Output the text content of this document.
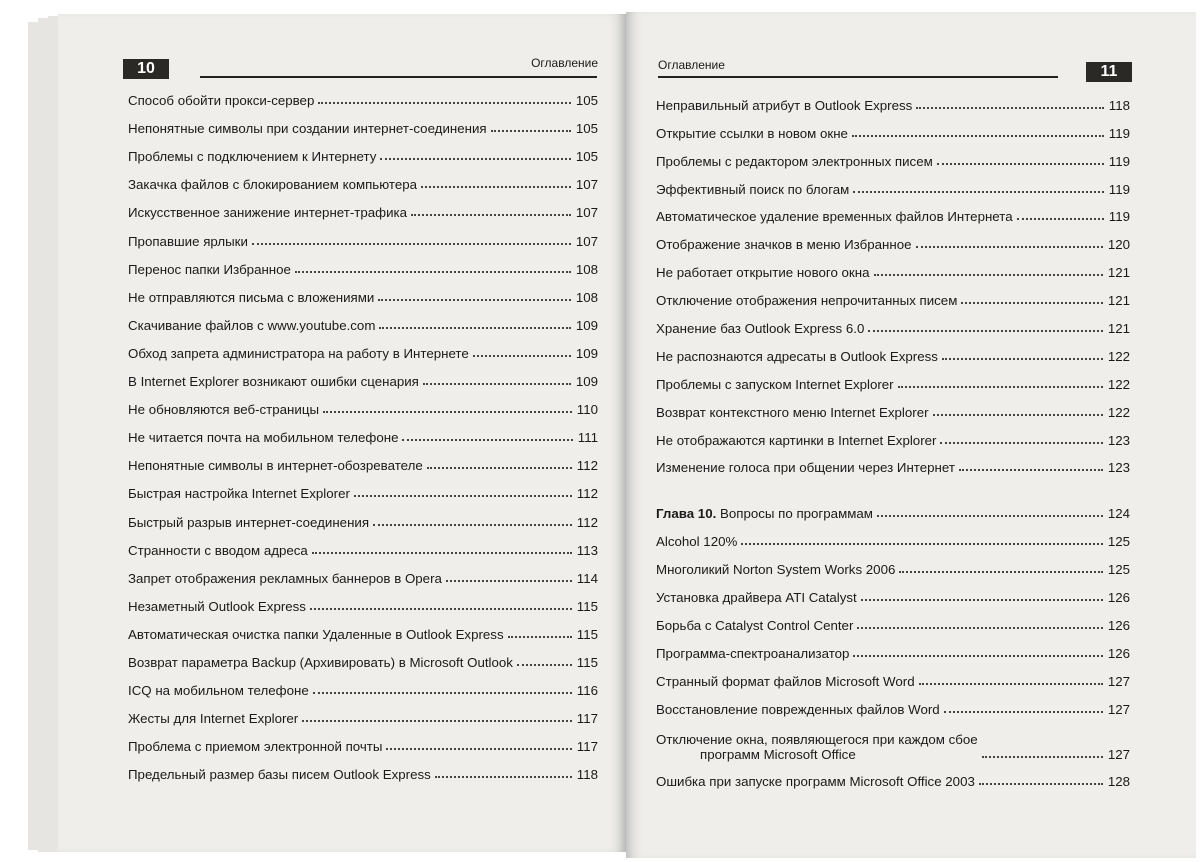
10	Оглавление
Способ обойти прокси-сервер	105
Непонятные символы при создании интернет-соединения	105
Проблемы с подключением к Интернету	105
Закачка файлов с блокированием компьютера	107
Искусственное занижение интернет-трафика	107
Пропавшие ярлыки	107
Перенос папки Избранное	108
Не отправляются письма с вложениями	108
Скачивание файлов с www.youtube.com	109
Обход запрета администратора на работу в Интернете	109
В Internet Explorer возникают ошибки сценария	109
Не обновляются веб-страницы	110
Не читается почта на мобильном телефоне	111
Непонятные символы в интернет-обозревателе	112
Быстрая настройка Internet Explorer	112
Быстрый разрыв интернет-соединения	112
Странности с вводом адреса	113
Запрет отображения рекламных баннеров в Opera	114
Незаметный Outlook Express	115
Автоматическая очистка папки Удаленные в Outlook Express	115
Возврат параметра Backup (Архивировать) в Microsoft Outlook	115
ICQ на мобильном телефоне	116
Жесты для Internet Explorer	117
Проблема с приемом электронной почты	117
Предельный размер базы писем Outlook Express	118
Оглавление	11
Неправильный атрибут в Outlook Express	118
Открытие ссылки в новом окне	119
Проблемы с редактором электронных писем	119
Эффективный поиск по блогам	119
Автоматическое удаление временных файлов Интернета	119
Отображение значков в меню Избранное	120
Не работает открытие нового окна	121
Отключение отображения непрочитанных писем	121
Хранение баз Outlook Express 6.0	121
Не распознаются адресаты в Outlook Express	122
Проблемы с запуском Internet Explorer	122
Возврат контекстного меню Internet Explorer	122
Не отображаются картинки в Internet Explorer	123
Изменение голоса при общении через Интернет	123
Глава 10. Вопросы по программам	124
Alcohol 120%	125
Многоликий Norton System Works 2006	125
Установка драйвера ATI Catalyst	126
Борьба с Catalyst Control Center	126
Программа-спектроанализатор	126
Странный формат файлов Microsoft Word	127
Восстановление поврежденных файлов Word	127
Отключение окна, появляющегося при каждом сбое
программ Microsoft Office	127
Ошибка при запуске программ Microsoft Office 2003	128
